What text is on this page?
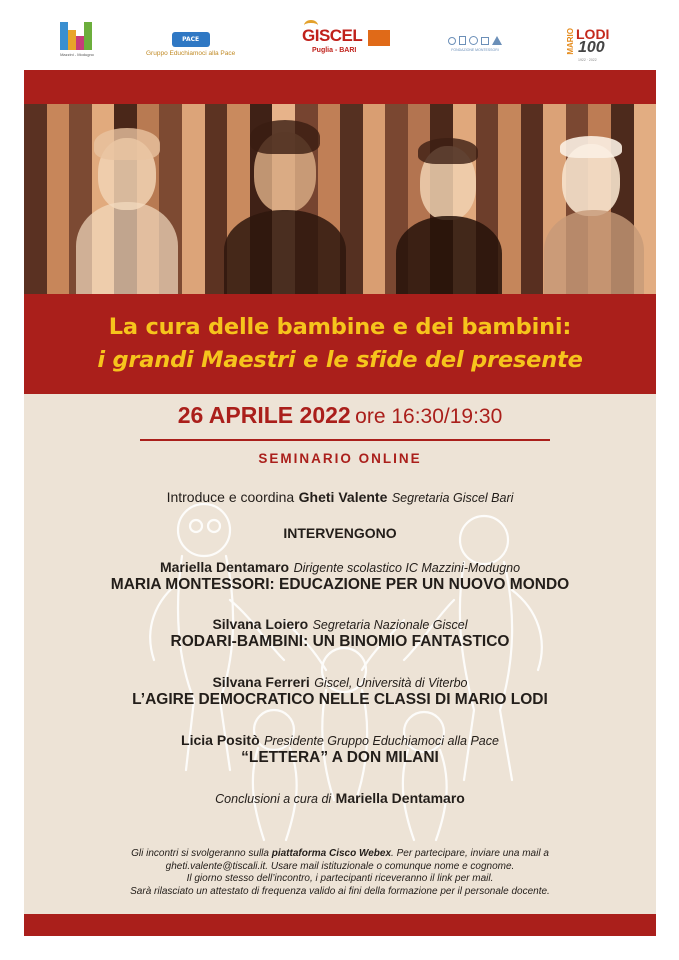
Mazzini - Modugno
PACE
Gruppo Educhiamoci alla Pace
GISCEL
Puglia - BARI	FONDAZIONE MONTESSORI	MARIO LODI
100
1922 · 2022
La cura delle bambine e dei bambini:
i grandi Maestri e le sfide del presente
26 APRILE 2022 ore 16:30/19:30
SEMINARIO ONLINE
Introduce e coordina Gheti Valente Segretaria Giscel Bari
INTERVENGONO
Mariella Dentamaro Dirigente scolastico IC Mazzini-Modugno
MARIA MONTESSORI: EDUCAZIONE PER UN NUOVO MONDO
Silvana Loiero Segretaria Nazionale Giscel
RODARI-BAMBINI: UN BINOMIO FANTASTICO
Silvana Ferreri Giscel, Università di Viterbo
L’AGIRE DEMOCRATICO NELLE CLASSI DI MARIO LODI
Licia Positò Presidente Gruppo Educhiamoci alla Pace
“LETTERA” A DON MILANI
Conclusioni a cura di Mariella Dentamaro
Gli incontri si svolgeranno sulla piattaforma Cisco Webex. Per partecipare, inviare una mail a
gheti.valente@tiscali.it. Usare mail istituzionale o comunque nome e cognome.
Il giorno stesso dell’incontro, i partecipanti riceveranno il link per mail.
Sarà rilasciato un attestato di frequenza valido ai fini della formazione per il personale docente.
